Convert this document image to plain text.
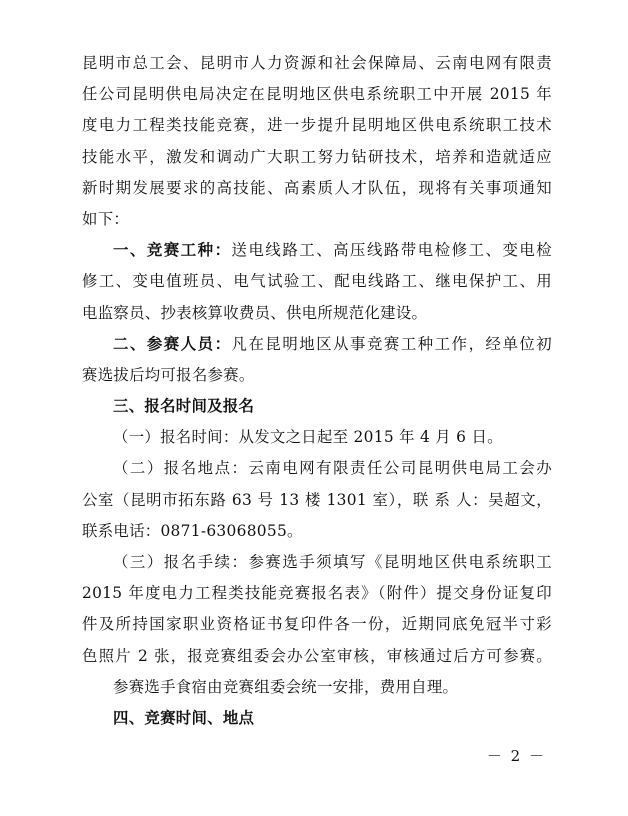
昆明市总工会、昆明市人力资源和社会保障局、云南电网有限责
任公司昆明供电局决定在昆明地区供电系统职工中开展 2015 年
度电力工程类技能竞赛，进一步提升昆明地区供电系统职工技术
技能水平，激发和调动广大职工努力钻研技术，培养和造就适应
新时期发展要求的高技能、高素质人才队伍，现将有关事项通知
如下：
一、竞赛工种：送电线路工、高压线路带电检修工、变电检
修工、变电值班员、电气试验工、配电线路工、继电保护工、用
电监察员、抄表核算收费员、供电所规范化建设。
二、参赛人员：凡在昆明地区从事竞赛工种工作，经单位初
赛选拔后均可报名参赛。
三、报名时间及报名
（一）报名时间：从发文之日起至 2015 年 4 月 6 日。
（二）报名地点：云南电网有限责任公司昆明供电局工会办
公室（昆明市拓东路 63 号 13 楼 1301 室），联 系 人：吴超文，
联系电话：0871-63068055。
（三）报名手续：参赛选手须填写《昆明地区供电系统职工
2015 年度电力工程类技能竞赛报名表》（附件）提交身份证复印
件及所持国家职业资格证书复印件各一份，近期同底免冠半寸彩
色照片 2 张，报竞赛组委会办公室审核，审核通过后方可参赛。
参赛选手食宿由竞赛组委会统一安排，费用自理。
四、竞赛时间、地点
－ 2 －
